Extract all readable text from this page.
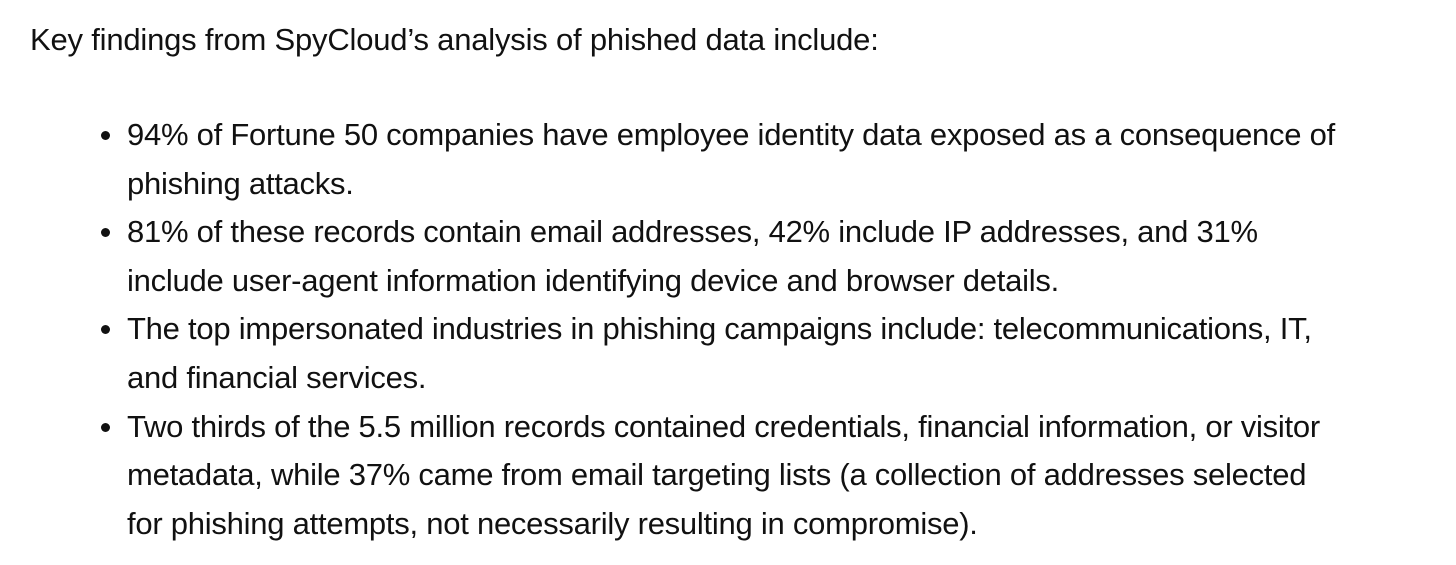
Key findings from SpyCloud’s analysis of phished data include:

94% of Fortune 50 companies have employee identity data exposed as a consequence of
phishing attacks.
81% of these records contain email addresses, 42% include IP addresses, and 31%
include user-agent information identifying device and browser details.
The top impersonated industries in phishing campaigns include: telecommunications, IT,
and financial services.
Two thirds of the 5.5 million records contained credentials, financial information, or visitor
metadata, while 37% came from email targeting lists (a collection of addresses selected
for phishing attempts, not necessarily resulting in compromise).
